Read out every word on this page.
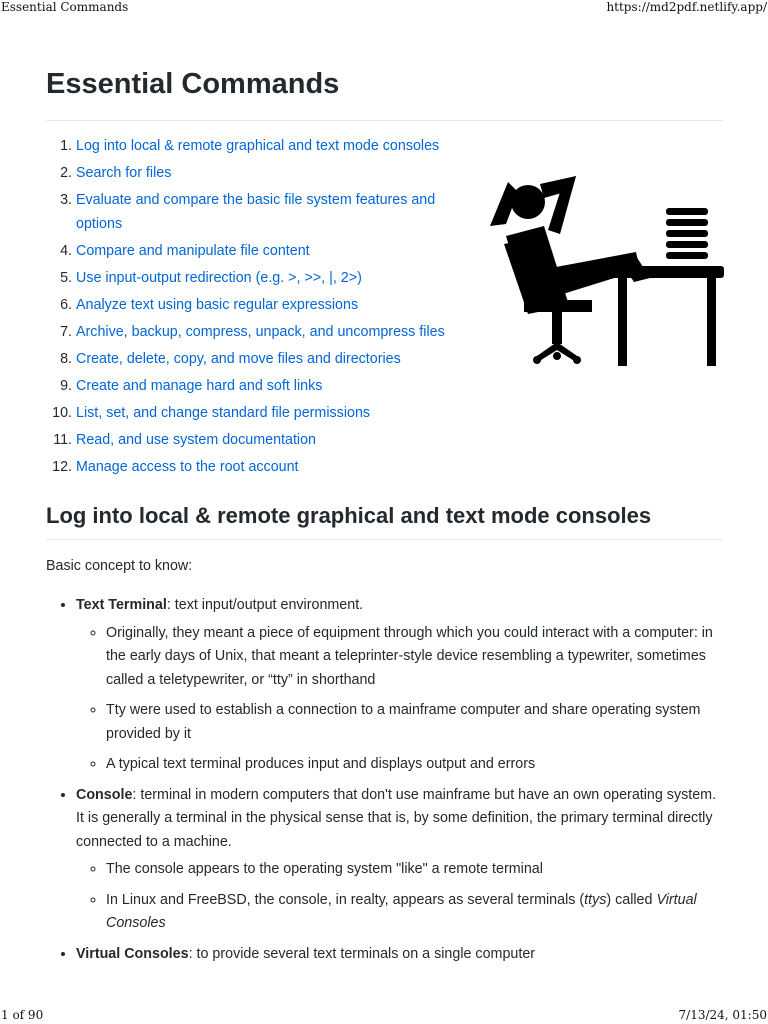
Essential Commands	https://md2pdf.netlify.app/
Essential Commands
1. Log into local & remote graphical and text mode consoles
2. Search for files
3. Evaluate and compare the basic file system features and options
4. Compare and manipulate file content
5. Use input-output redirection (e.g. >, >>, |, 2>)
6. Analyze text using basic regular expressions
7. Archive, backup, compress, unpack, and uncompress files
8. Create, delete, copy, and move files and directories
9. Create and manage hard and soft links
10. List, set, and change standard file permissions
11. Read, and use system documentation
12. Manage access to the root account
Log into local & remote graphical and text mode consoles

Basic concept to know:

• Text Terminal: text input/output environment.
◦ Originally, they meant a piece of equipment through which you could interact with a computer: in the early days of Unix, that meant a teleprinter-style device resembling a typewriter, sometimes called a teletypewriter, or “tty” in shorthand
◦ Tty were used to establish a connection to a mainframe computer and share operating system provided by it
◦ A typical text terminal produces input and displays output and errors
• Console: terminal in modern computers that don't use mainframe but have an own operating system. It is generally a terminal in the physical sense that is, by some definition, the primary terminal directly connected to a machine.
◦ The console appears to the operating system "like" a remote terminal
◦ In Linux and FreeBSD, the console, in realty, appears as several terminals (ttys) called Virtual Consoles
• Virtual Consoles: to provide several text terminals on a single computer
1 of 90	7/13/24, 01:50
